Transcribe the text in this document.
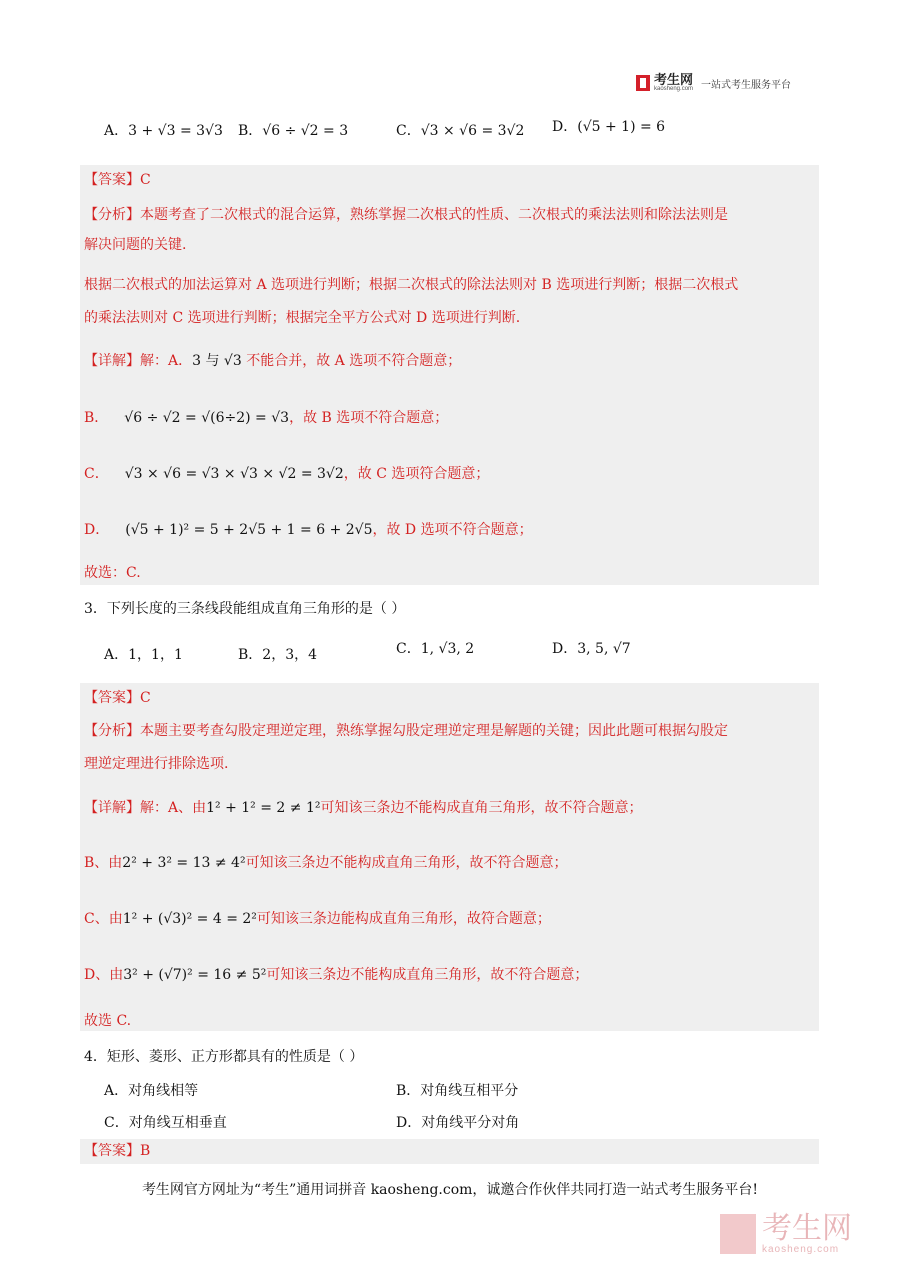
考生网
kaosheng.com 一站式考生服务平台
A．3 + √3 = 3√3 B．√6 ÷ √2 = 3	C．√3 × √6 = 3√2 D．(√5 + 1) = 6
【答案】C
【分析】本题考查了二次根式的混合运算，熟练掌握二次根式的性质、二次根式的乘法法则和除法法则是
解决问题的关键.
根据二次根式的加法运算对 A 选项进行判断；根据二次根式的除法法则对 B 选项进行判断；根据二次根式
的乘法法则对 C 选项进行判断；根据完全平方公式对 D 选项进行判断.
【详解】解：A．3 与 √3 不能合并，故 A 选项不符合题意；
B． √6 ÷ √2 = √(6÷2) = √3，故 B 选项不符合题意；
C． √3 × √6 = √3 × √3 × √2 = 3√2，故 C 选项符合题意；
D． (√5 + 1)² = 5 + 2√5 + 1 = 6 + 2√5，故 D 选项不符合题意；
故选：C.
3．下列长度的三条线段能组成直角三角形的是（ ）
A．1，1，1	B．2，3，4	C．1, √3, 2	D．3, 5, √7
【答案】C
【分析】本题主要考查勾股定理逆定理，熟练掌握勾股定理逆定理是解题的关键；因此此题可根据勾股定
理逆定理进行排除选项.
【详解】解：A、由1² + 1² = 2 ≠ 1²可知该三条边不能构成直角三角形，故不符合题意；
B、由2² + 3² = 13 ≠ 4²可知该三条边不能构成直角三角形，故不符合题意；
C、由1² + (√3)² = 4 = 2²可知该三条边能构成直角三角形，故符合题意；
D、由3² + (√7)² = 16 ≠ 5²可知该三条边不能构成直角三角形，故不符合题意；
故选 C.
4．矩形、菱形、正方形都具有的性质是（ ）
A．对角线相等	B．对角线互相平分
C．对角线互相垂直	D．对角线平分对角
【答案】B
考生网官方网址为“考生”通用词拼音 kaosheng.com，诚邀合作伙伴共同打造一站式考生服务平台!
考生网
kaosheng.com
